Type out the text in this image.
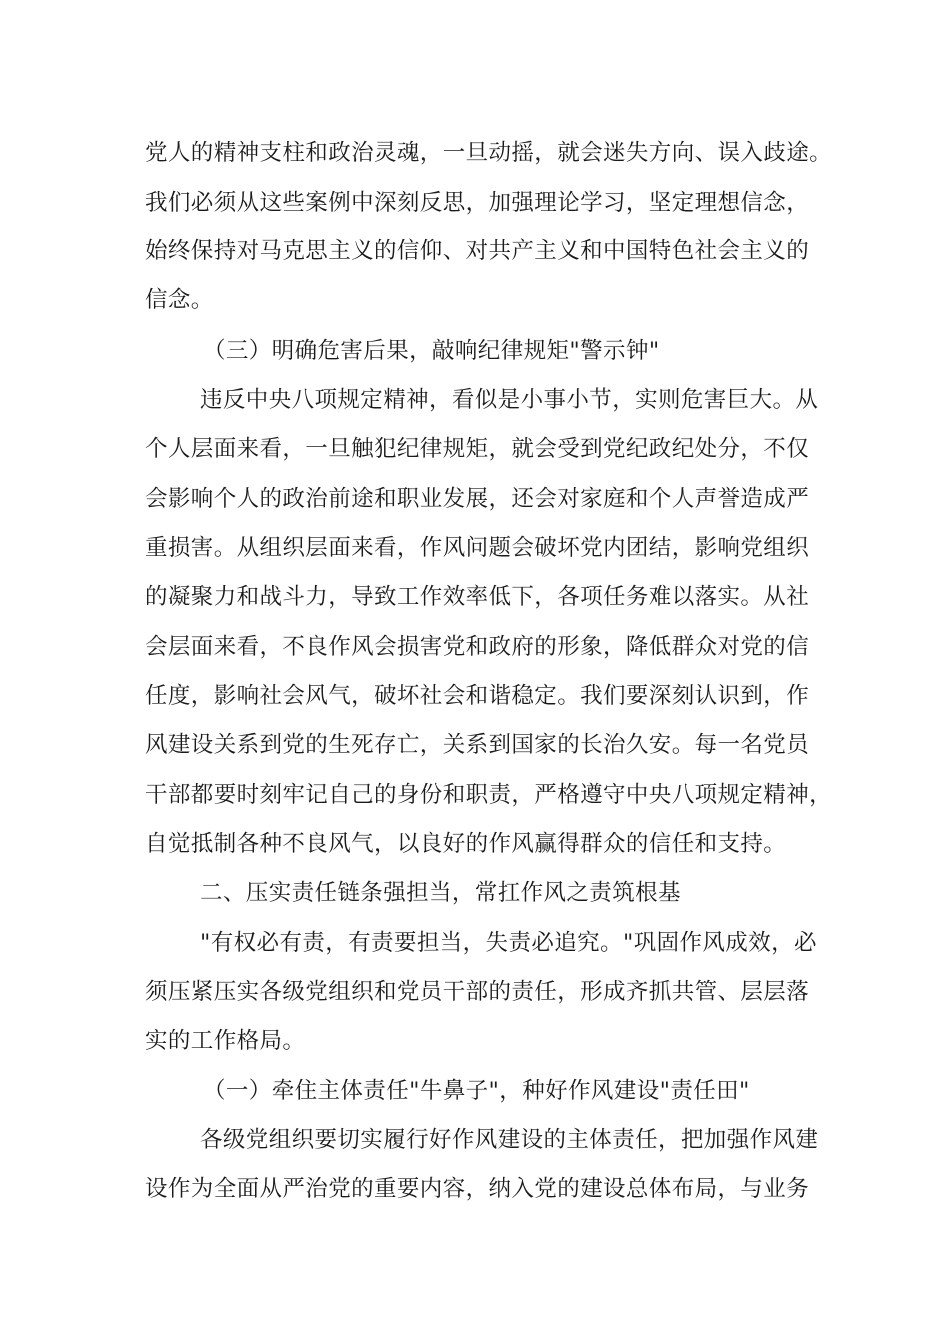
党人的精神支柱和政治灵魂，一旦动摇，就会迷失方向、误入歧途。
我们必须从这些案例中深刻反思，加强理论学习，坚定理想信念，
始终保持对马克思主义的信仰、对共产主义和中国特色社会主义的
信念。
（三）明确危害后果，敲响纪律规矩"警示钟"
违反中央八项规定精神，看似是小事小节，实则危害巨大。从
个人层面来看，一旦触犯纪律规矩，就会受到党纪政纪处分，不仅
会影响个人的政治前途和职业发展，还会对家庭和个人声誉造成严
重损害。从组织层面来看，作风问题会破坏党内团结，影响党组织
的凝聚力和战斗力，导致工作效率低下，各项任务难以落实。从社
会层面来看，不良作风会损害党和政府的形象，降低群众对党的信
任度，影响社会风气，破坏社会和谐稳定。我们要深刻认识到，作
风建设关系到党的生死存亡，关系到国家的长治久安。每一名党员
干部都要时刻牢记自己的身份和职责，严格遵守中央八项规定精神，
自觉抵制各种不良风气，以良好的作风赢得群众的信任和支持。
二、压实责任链条强担当，常扛作风之责筑根基
"有权必有责，有责要担当，失责必追究。"巩固作风成效，必
须压紧压实各级党组织和党员干部的责任，形成齐抓共管、层层落
实的工作格局。
（一）牵住主体责任"牛鼻子"，种好作风建设"责任田"
各级党组织要切实履行好作风建设的主体责任，把加强作风建
设作为全面从严治党的重要内容，纳入党的建设总体布局，与业务
